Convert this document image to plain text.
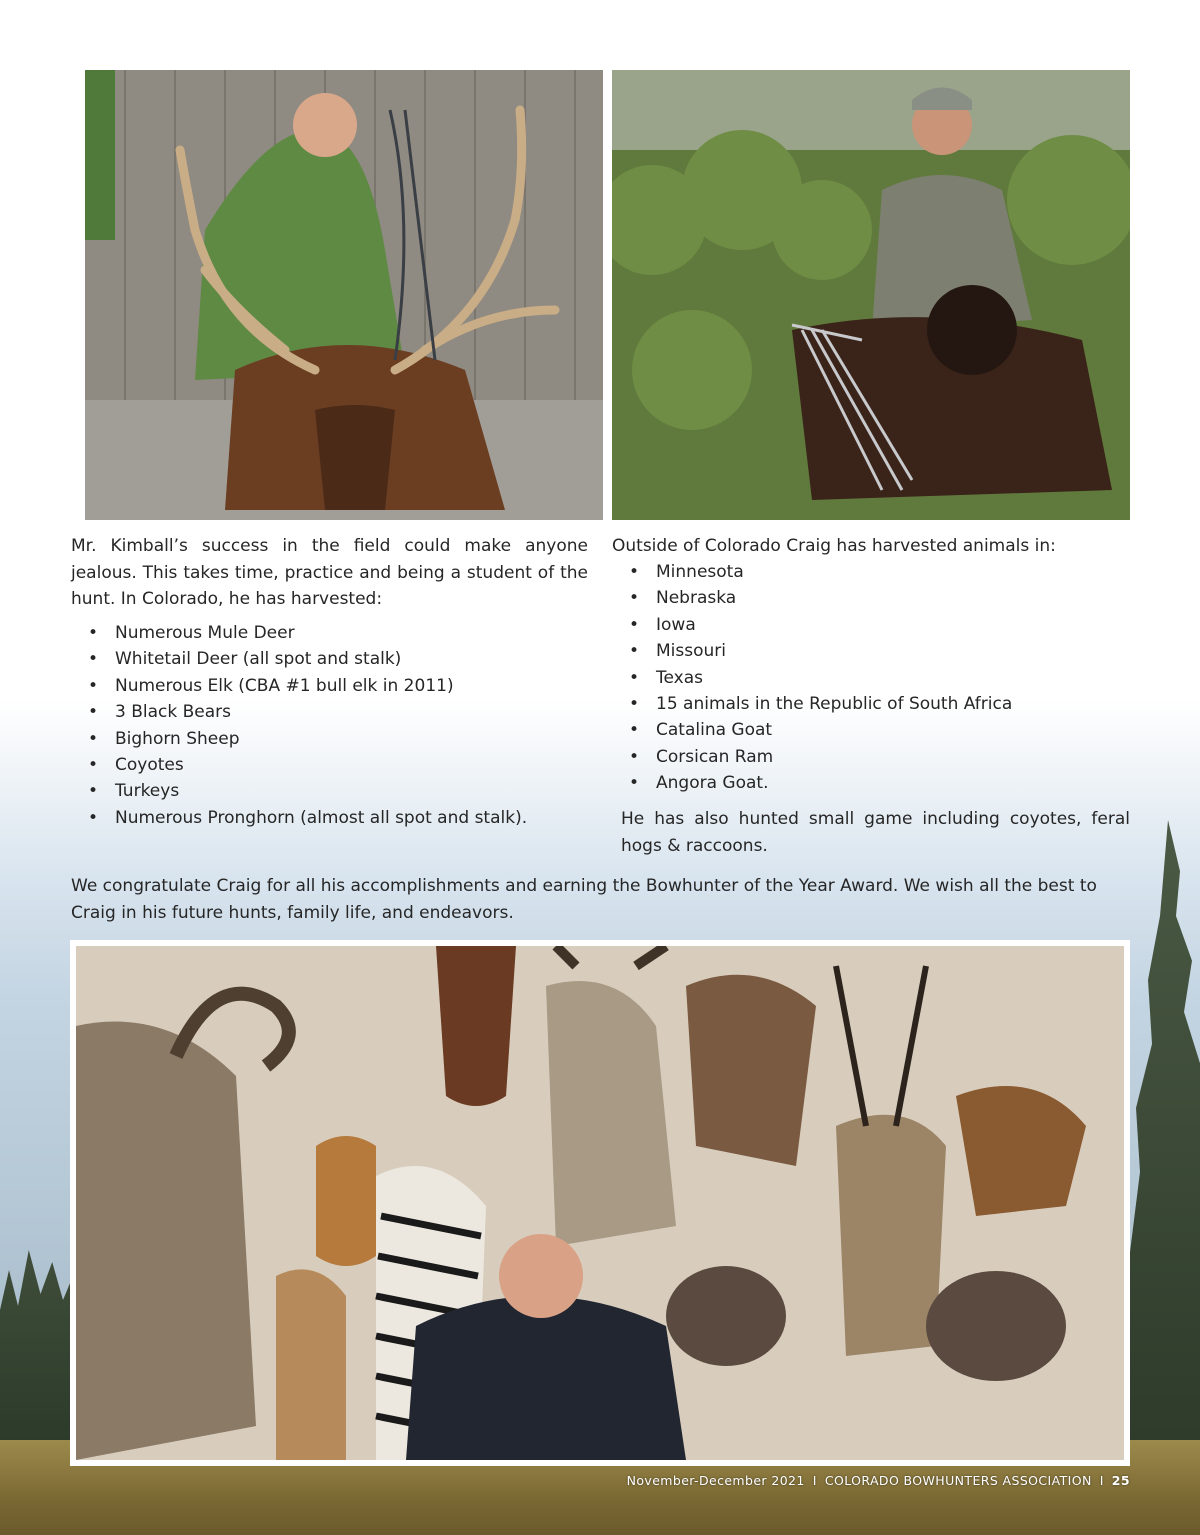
Mr. Kimball’s success in the field could make anyone jealous. This takes time, practice and being a student of the hunt. In Colorado, he has harvested:

• Numerous Mule Deer
• Whitetail Deer (all spot and stalk)
• Numerous Elk (CBA #1 bull elk in 2011)
• 3 Black Bears
• Bighorn Sheep
• Coyotes
• Turkeys
• Numerous Pronghorn (almost all spot and stalk).

Outside of Colorado Craig has harvested animals in:

• Minnesota
• Nebraska
• Iowa
• Missouri
• Texas
• 15 animals in the Republic of South Africa
• Catalina Goat
• Corsican Ram
• Angora Goat.

He has also hunted small game including coyotes, feral hogs & raccoons.

We congratulate Craig for all his accomplishments and earning the Bowhunter of the Year Award. We wish all the best to Craig in his future hunts, family life, and endeavors.

November-December 2021 I COLORADO BOWHUNTERS ASSOCIATION I 25
